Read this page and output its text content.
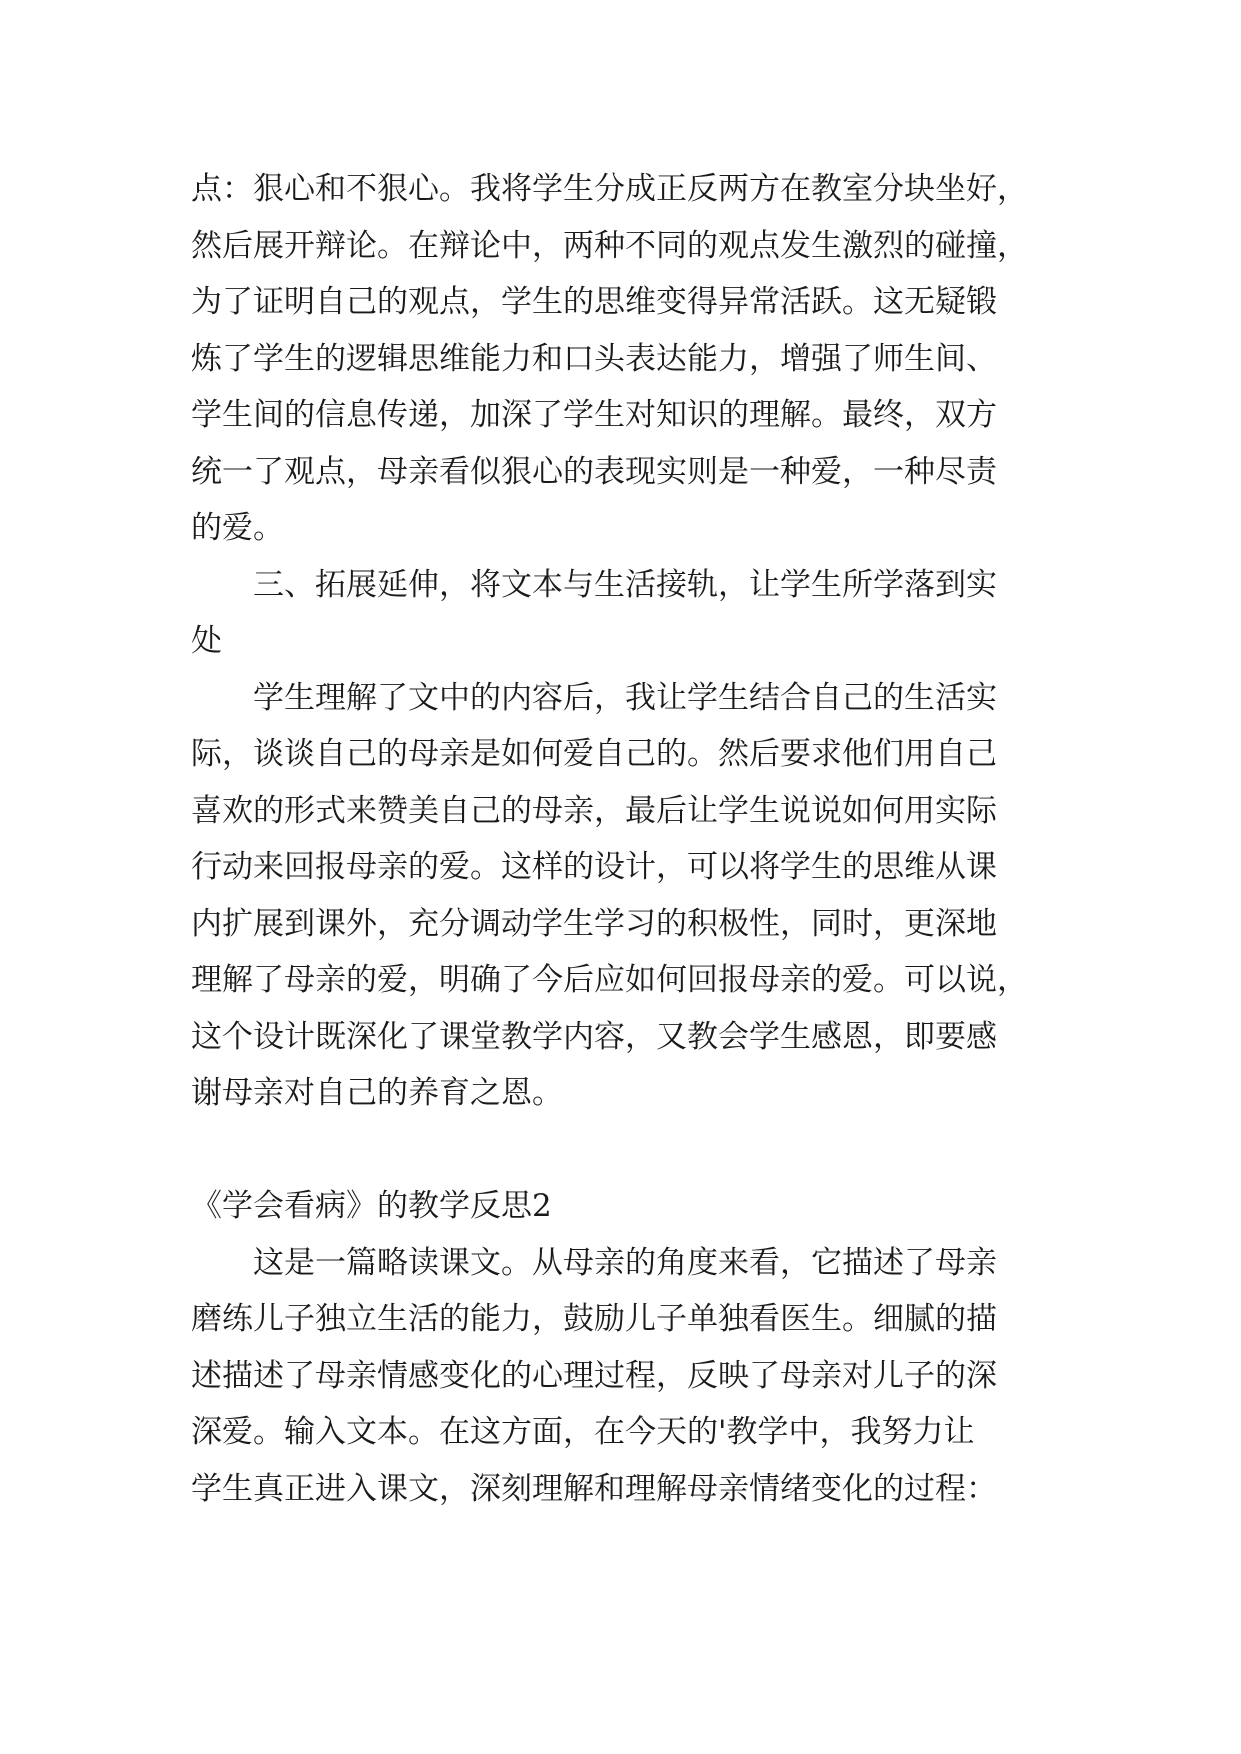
点：狠心和不狠心。我将学生分成正反两方在教室分块坐好，
然后展开辩论。在辩论中，两种不同的观点发生激烈的碰撞，
为了证明自己的观点，学生的思维变得异常活跃。这无疑锻
炼了学生的逻辑思维能力和口头表达能力，增强了师生间、
学生间的信息传递，加深了学生对知识的理解。最终，双方
统一了观点，母亲看似狠心的表现实则是一种爱，一种尽责
的爱。
三、拓展延伸，将文本与生活接轨，让学生所学落到实
处
学生理解了文中的内容后，我让学生结合自己的生活实
际，谈谈自己的母亲是如何爱自己的。然后要求他们用自己
喜欢的形式来赞美自己的母亲，最后让学生说说如何用实际
行动来回报母亲的爱。这样的设计，可以将学生的思维从课
内扩展到课外，充分调动学生学习的积极性，同时，更深地
理解了母亲的爱，明确了今后应如何回报母亲的爱。可以说，
这个设计既深化了课堂教学内容，又教会学生感恩，即要感
谢母亲对自己的养育之恩。
《学会看病》的教学反思2
这是一篇略读课文。从母亲的角度来看，它描述了母亲
磨练儿子独立生活的能力，鼓励儿子单独看医生。细腻的描
述描述了母亲情感变化的心理过程，反映了母亲对儿子的深
深爱。输入文本。在这方面，在今天的'教学中，我努力让
学生真正进入课文，深刻理解和理解母亲情绪变化的过程：
